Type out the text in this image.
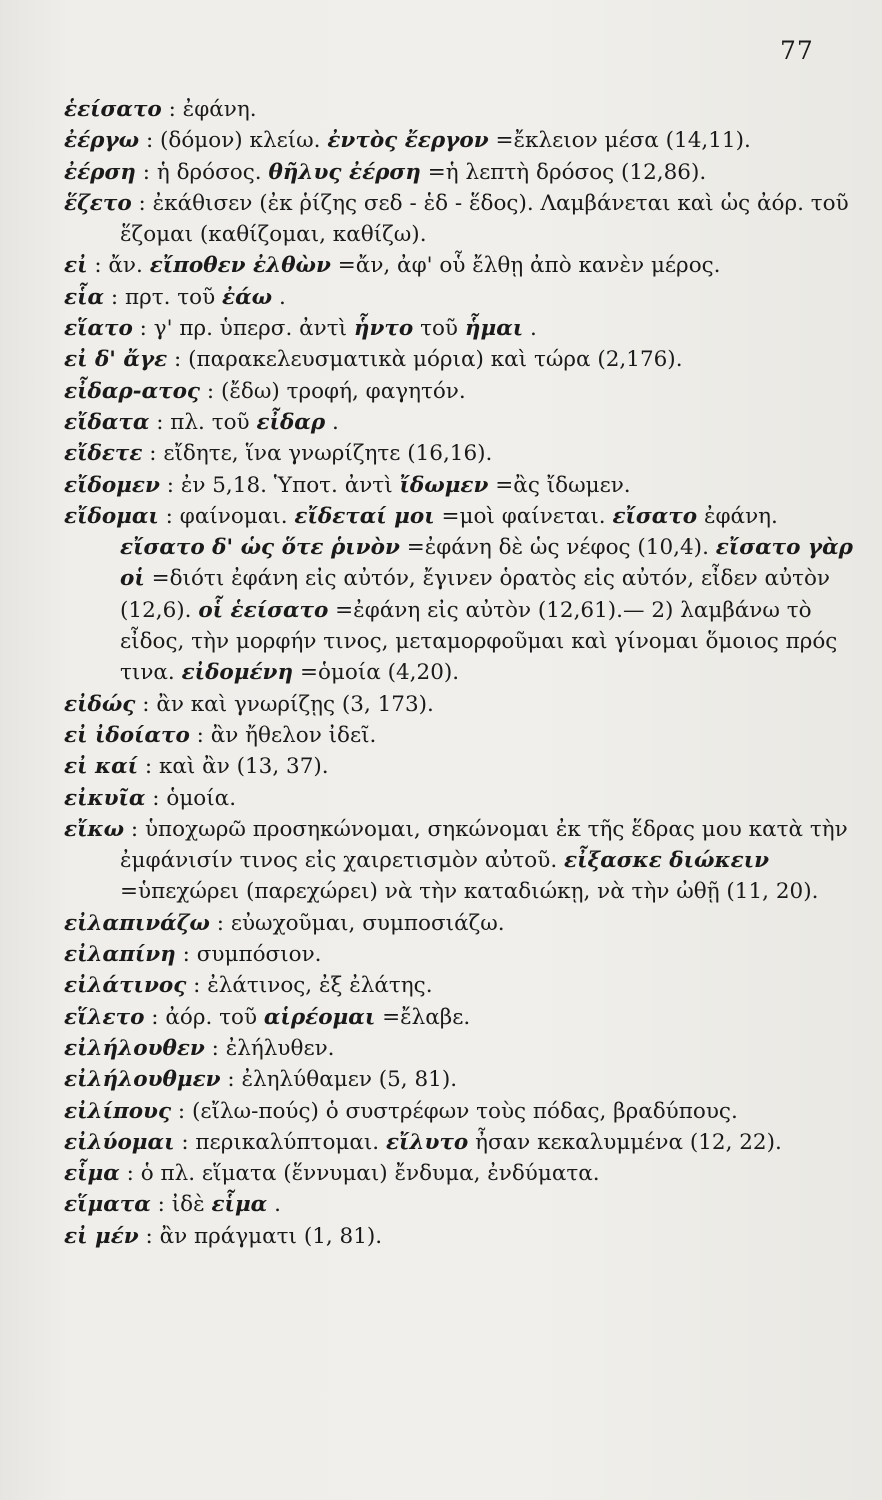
77
ἑείσατο : ἐφάνη.
ἐέργω : (δόμον) κλείω. ἐντὸς ἔεργον =ἔκλειον μέσα (14,11).
ἐέρση : ἡ δρόσος. θῆλυς ἐέρση =ἡ λεπτὴ δρόσος (12,86).
ἕζετο : ἐκάθισεν (ἐκ ῥίζης σεδ - ἑδ - ἕδος). Λαμβάνεται καὶ ὡς ἀόρ. τοῦ ἕζομαι (καθίζομαι, καθίζω).
εἰ : ἄν. εἴποθεν ἐλθὼν =ἄν, ἀφ' οὗ ἔλθῃ ἀπὸ κανὲν μέρος.
εἷα : πρτ. τοῦ ἐάω .
εἵατο : γ' πρ. ὑπερσ. ἀντὶ ἧντο τοῦ ἧμαι .
εἰ δ' ἄγε : (παρακελευσματικὰ μόρια) καὶ τώρα (2,176).
εἶδαρ-ατος : (ἔδω) τροφή, φαγητόν.
εἴδατα : πλ. τοῦ εἶδαρ .
εἴδετε : εἴδητε, ἵνα γνωρίζητε (16,16).
εἴδομεν : ἐν 5,18. Ὑποτ. ἀντὶ ἴδωμεν =ἂς ἴδωμεν.
εἴδομαι : φαίνομαι. εἴδεταί μοι =μοὶ φαίνεται. εἴσατο ἐφάνη. εἴσατο δ' ὡς ὅτε ῥινὸν =ἐφάνη δὲ ὡς νέφος (10,4). εἴσατο γὰρ οἱ =διότι ἐφάνη εἰς αὐτόν, ἔγινεν ὁρατὸς εἰς αὐτόν, εἶδεν αὐτὸν (12,6). οἷ ἑείσατο =ἐφάνη εἰς αὐτὸν (12,61).— 2) λαμβάνω τὸ εἶδος, τὴν μορφήν τινος, μεταμορφοῦμαι καὶ γίνομαι ὅμοιος πρός τινα. εἰδομένη =ὁμοία (4,20).
εἰδώς : ἂν καὶ γνωρίζῃς (3, 173).
εἰ ἰδοίατο : ἂν ἤθελον ἰδεῖ.
εἰ καί : καὶ ἂν (13, 37).
εἰκυῖα : ὁμοία.
εἴκω : ὑποχωρῶ προσηκώνομαι, σηκώνομαι ἐκ τῆς ἕδρας μου κατὰ τὴν ἐμφάνισίν τινος εἰς χαιρετισμὸν αὐτοῦ. εἶξασκε διώκειν =ὑπεχώρει (παρεχώρει) νὰ τὴν καταδιώκῃ, νὰ τὴν ὠθῇ (11, 20).
εἰλαπινάζω : εὐωχοῦμαι, συμποσιάζω.
εἰλαπίνη : συμπόσιον.
εἰλάτινος : ἐλάτινος, ἐξ ἐλάτης.
εἵλετο : ἀόρ. τοῦ αἱρέομαι =ἔλαβε.
εἰλήλουθεν : ἐλήλυθεν.
εἰλήλουθμεν : ἐληλύθαμεν (5, 81).
εἰλίπους : (εἴλω-πούς) ὁ συστρέφων τοὺς πόδας, βραδύπους.
εἰλύομαι : περικαλύπτομαι. εἴλυτο ἦσαν κεκαλυμμένα (12, 22).
εἷμα : ὁ πλ. εἵματα (ἕννυμαι) ἔνδυμα, ἐνδύματα.
εἵματα : ἰδὲ εἷμα .
εἰ μέν : ἂν πράγματι (1, 81).
